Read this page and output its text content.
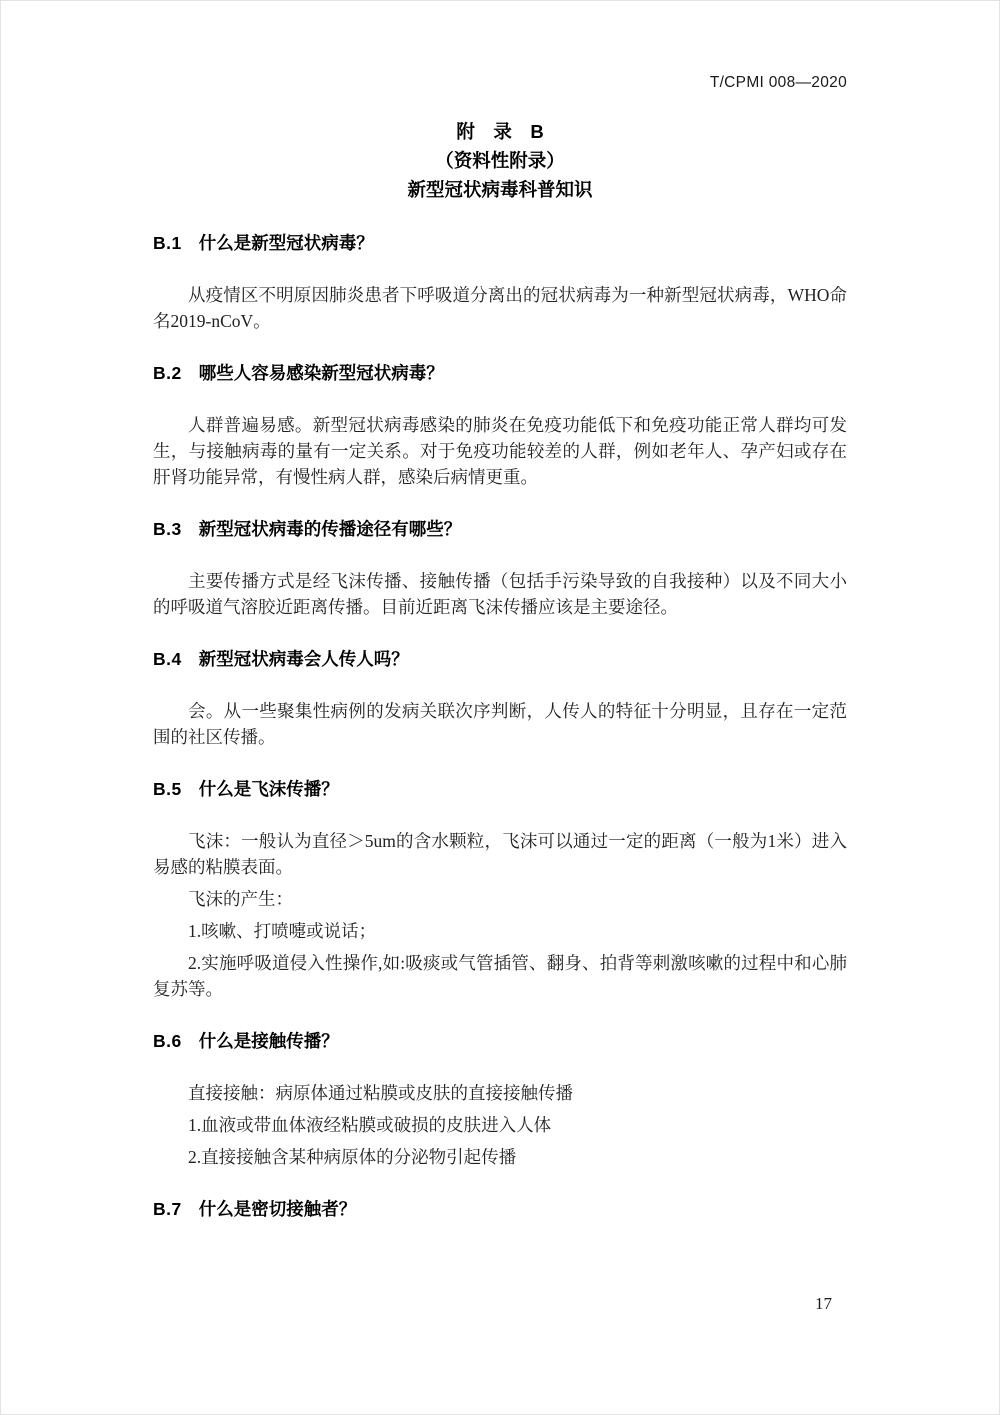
T/CPMI 008—2020
附　录　B
（资料性附录）
新型冠状病毒科普知识
B.1 什么是新型冠状病毒？

从疫情区不明原因肺炎患者下呼吸道分离出的冠状病毒为一种新型冠状病毒，WHO命名2019-nCoV。

B.2 哪些人容易感染新型冠状病毒？

人群普遍易感。新型冠状病毒感染的肺炎在免疫功能低下和免疫功能正常人群均可发生，与接触病毒的量有一定关系。对于免疫功能较差的人群，例如老年人、孕产妇或存在肝肾功能异常，有慢性病人群，感染后病情更重。

B.3 新型冠状病毒的传播途径有哪些？

主要传播方式是经飞沫传播、接触传播（包括手污染导致的自我接种）以及不同大小的呼吸道气溶胶近距离传播。目前近距离飞沫传播应该是主要途径。

B.4 新型冠状病毒会人传人吗？

会。从一些聚集性病例的发病关联次序判断，人传人的特征十分明显，且存在一定范围的社区传播。

B.5 什么是飞沫传播？

飞沫：一般认为直径＞5um的含水颗粒，飞沫可以通过一定的距离（一般为1米）进入易感的粘膜表面。

飞沫的产生：

1.咳嗽、打喷嚏或说话；

2.实施呼吸道侵入性操作,如:吸痰或气管插管、翻身、拍背等刺激咳嗽的过程中和心肺复苏等。

B.6 什么是接触传播？

直接接触：病原体通过粘膜或皮肤的直接接触传播

1.血液或带血体液经粘膜或破损的皮肤进入人体

2.直接接触含某种病原体的分泌物引起传播

B.7 什么是密切接触者？
17
